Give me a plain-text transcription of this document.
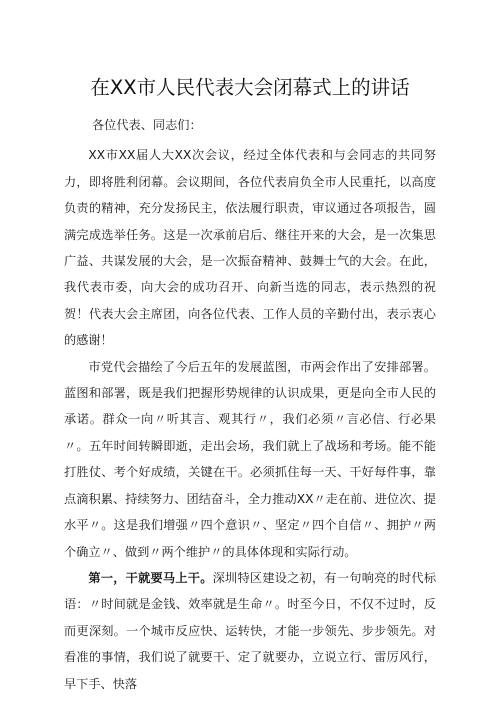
在XX市人民代表大会闭幕式上的讲话
各位代表、同志们：

XX市XX届人大XX次会议，经过全体代表和与会同志的共同努力，即将胜利闭幕。会议期间，各位代表肩负全市人民重托，以高度负责的精神，充分发扬民主，依法履行职责，审议通过各项报告，圆满完成选举任务。这是一次承前启后、继往开来的大会，是一次集思广益、共谋发展的大会，是一次振奋精神、鼓舞士气的大会。在此，我代表市委，向大会的成功召开、向新当选的同志，表示热烈的祝贺！代表大会主席团，向各位代表、工作人员的辛勤付出，表示衷心的感谢！

市党代会描绘了今后五年的发展蓝图，市两会作出了安排部署。蓝图和部署，既是我们把握形势规律的认识成果，更是向全市人民的承诺。群众一向〃听其言、观其行〃，我们必须〃言必信、行必果〃。五年时间转瞬即逝，走出会场，我们就上了战场和考场。能不能打胜仗、考个好成绩，关键在干。必须抓住每一天、干好每件事，靠点滴积累、持续努力、团结奋斗，全力推动XX〃走在前、进位次、提水平〃。这是我们增强〃四个意识〃、坚定〃四个自信〃、拥护〃两个确立〃、做到〃两个维护〃的具体体现和实际行动。

第一，干就要马上干。深圳特区建设之初，有一句响亮的时代标语：〃时间就是金钱、效率就是生命〃。时至今日，不仅不过时，反而更深刻。一个城市反应快、运转快，才能一步领先、步步领先。对看准的事情，我们说了就要干、定了就要办，立说立行、雷厉风行，早下手、快落
